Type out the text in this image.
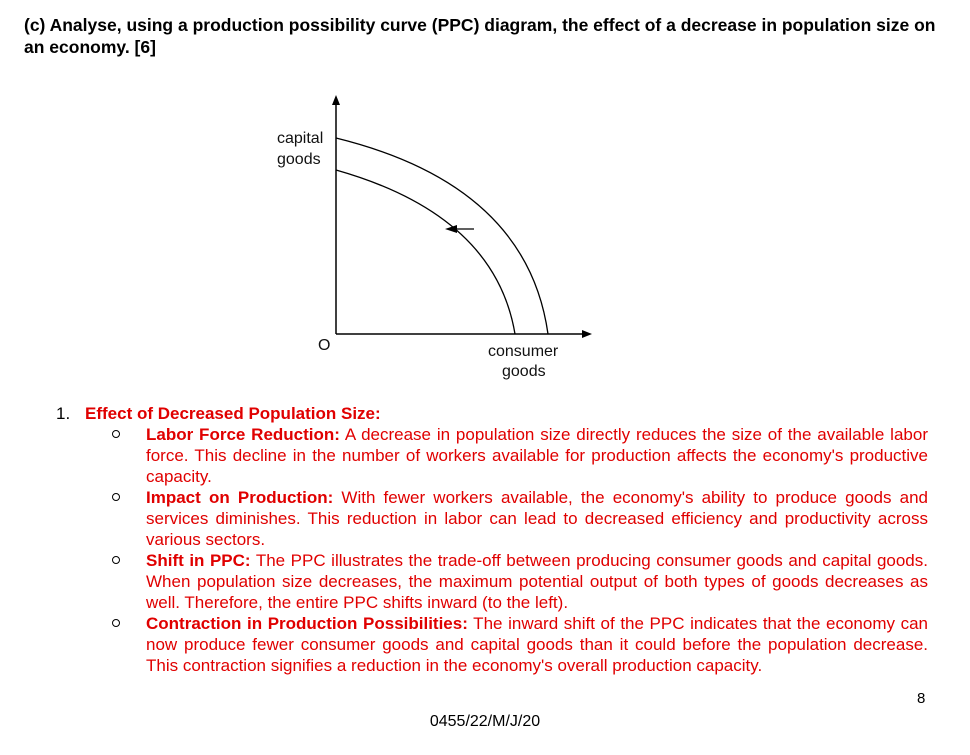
(c) Analyse, using a production possibility curve (PPC) diagram, the effect of a decrease in population size on an economy. [6]
capital
goods
O	consumer
goods
1. Effect of Decreased Population Size:
Labor Force Reduction: A decrease in population size directly reduces the size of the available labor force. This decline in the number of workers available for production affects the economy's productive capacity.
Impact on Production: With fewer workers available, the economy's ability to produce goods and services diminishes. This reduction in labor can lead to decreased efficiency and productivity across various sectors.
Shift in PPC: The PPC illustrates the trade-off between producing consumer goods and capital goods. When population size decreases, the maximum potential output of both types of goods decreases as well. Therefore, the entire PPC shifts inward (to the left).
Contraction in Production Possibilities: The inward shift of the PPC indicates that the economy can now produce fewer consumer goods and capital goods than it could before the population decrease. This contraction signifies a reduction in the economy's overall production capacity.
8
0455/22/M/J/20
